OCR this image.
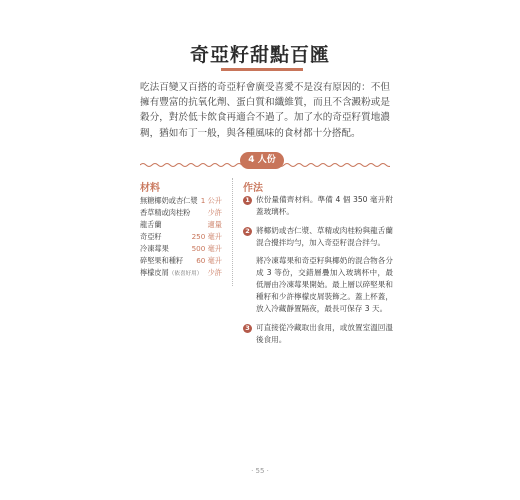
奇亞籽甜點百匯

吃法百變又百搭的奇亞籽會廣受喜愛不是沒有原因的：不但擁有豐富的抗氧化劑、蛋白質和纖維質，而且不含澱粉或是穀分，對於低卡飲食再適合不過了。加了水的奇亞籽質地濃稠，猶如布丁一般，與各種風味的食材都十分搭配。

4 人份
材料	作法
無糖椰奶或杏仁漿 1 公升
香草精或肉桂粉 少許
龍舌蘭	適量
奇亞籽	250 毫升
冷凍莓果	500 毫升
碎堅果和種籽 60 毫升
檸檬皮屑（依喜好用） 少許
1 依份量備齊材料。準備 4 個 350 毫升附蓋玻璃杯。

2 將椰奶或杏仁漿、草精或肉桂粉與龍舌蘭混合攪拌均勻，加入奇亞籽混合拌勻。

將冷凍莓果和奇亞籽與椰奶的混合物各分成 3 等份，交錯層疊加入玻璃杯中，最低層由冷凍莓果開始。最上層以碎堅果和種籽和少許檸檬皮屑裝飾之。蓋上杯蓋，放入冷藏靜置隔夜，最長可保存 3 天。

3 可直接從冷藏取出食用，或放置室溫回溫後食用。

· 55 ·
